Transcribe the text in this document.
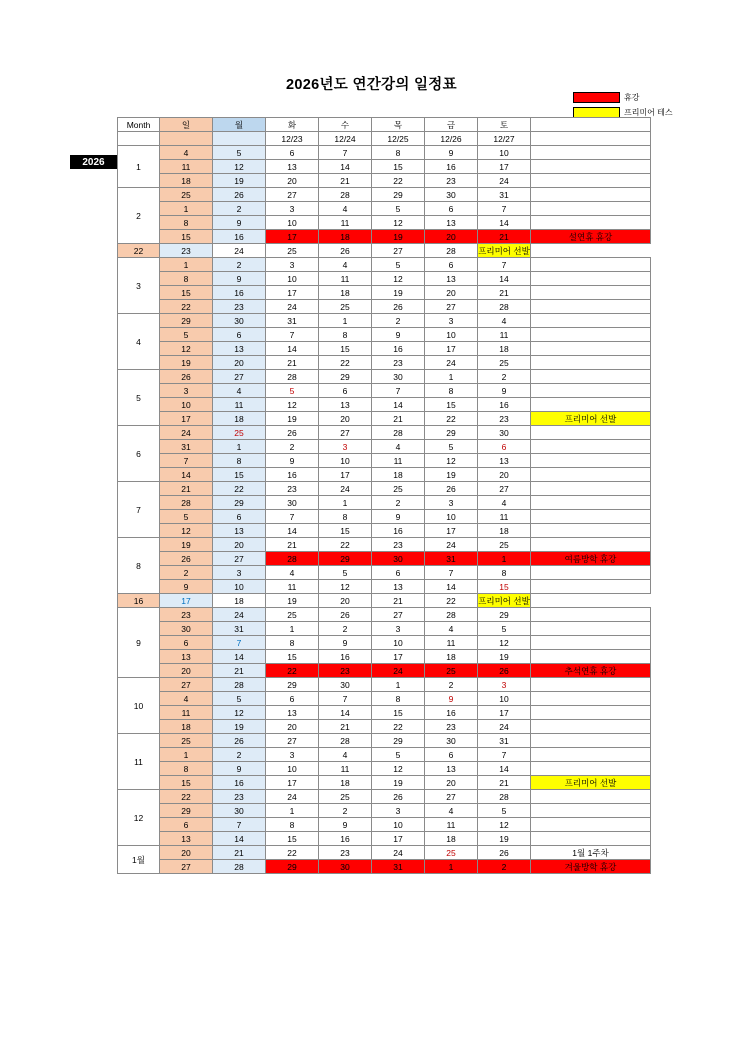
2026년도 연간강의 일정표
휴강
프리미어 테스
2026
Month	일	월	화	수	목	금	토	
			12/23	12/24	12/25	12/26	12/27	
1	4	5	6	7	8	9	10	
	11	12	13	14	15	16	17	
	18	19	20	21	22	23	24	
2	25	26	27	28	29	30	31	
	1	2	3	4	5	6	7	
	8	9	10	11	12	13	14	
	15	16	17	18	19	20	21	설연휴 휴강
22	23	24	25	26	27	28	프리미어 선발	
3	1	2	3	4	5	6	7	
	8	9	10	11	12	13	14	
	15	16	17	18	19	20	21	
	22	23	24	25	26	27	28	
4	29	30	31	1	2	3	4	
	5	6	7	8	9	10	11	
	12	13	14	15	16	17	18	
	19	20	21	22	23	24	25	
5	26	27	28	29	30	1	2	
	3	4	5	6	7	8	9	
	10	11	12	13	14	15	16	
	17	18	19	20	21	22	23	프리미어 선발
6	24	25	26	27	28	29	30	
	31	1	2	3	4	5	6	
	7	8	9	10	11	12	13	
	14	15	16	17	18	19	20	
7	21	22	23	24	25	26	27	
	28	29	30	1	2	3	4	
	5	6	7	8	9	10	11	
	12	13	14	15	16	17	18	
8	19	20	21	22	23	24	25	
	26	27	28	29	30	31	1	여름방학 휴강
	2	3	4	5	6	7	8	
	9	10	11	12	13	14	15	
16	17	18	19	20	21	22	프리미어 선발	
9	23	24	25	26	27	28	29	
	30	31	1	2	3	4	5	
	6	7	8	9	10	11	12	
	13	14	15	16	17	18	19	
	20	21	22	23	24	25	26	추석연휴 휴강
10	27	28	29	30	1	2	3	
	4	5	6	7	8	9	10	
	11	12	13	14	15	16	17	
	18	19	20	21	22	23	24	
11	25	26	27	28	29	30	31	
	1	2	3	4	5	6	7	
	8	9	10	11	12	13	14	
	15	16	17	18	19	20	21	프리미어 선발
12	22	23	24	25	26	27	28	
	29	30	1	2	3	4	5	
	6	7	8	9	10	11	12	
	13	14	15	16	17	18	19	
1월	20	21	22	23	24	25	26	1월 1주차
	27	28	29	30	31	1	2	겨울방학 휴강
